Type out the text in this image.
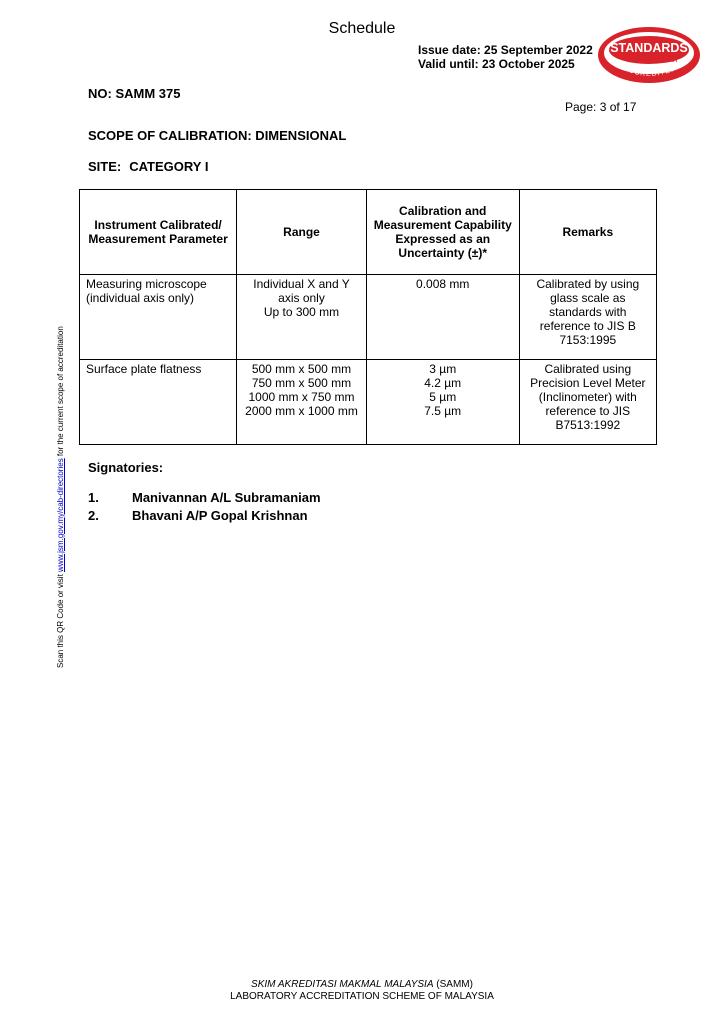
Schedule
Issue date: 25 September 2022
Valid until: 23 October 2025
STANDARDS
MALAYSIA
ACCREDITED
NO: SAMM 375
Page: 3 of 17
SCOPE OF CALIBRATION: DIMENSIONAL
SITE: CATEGORY I
Instrument Calibrated/ Measurement Parameter	Range	Calibration and Measurement Capability Expressed as an Uncertainty (±)*	Remarks
Measuring microscope (individual axis only)	Individual X and Y
axis only
Up to 300 mm	0.008 mm	Calibrated by using glass scale as standards with reference to JIS B 7153:1995
Surface plate flatness	500 mm x 500 mm
750 mm x 500 mm
1000 mm x 750 mm
2000 mm x 1000 mm	3 µm
4.2 µm
5 µm
7.5 µm	Calibrated using Precision Level Meter (Inclinometer) with reference to JIS B7513:1992
Signatories:
1.	Manivannan A/L Subramaniam
2.	Bhavani A/P Gopal Krishnan
Scan this QR Code or visit www.jsm.gov.my/cab-directories for the current scope of accreditation
SKIM AKREDITASI MAKMAL MALAYSIA (SAMM)
LABORATORY ACCREDITATION SCHEME OF MALAYSIA
